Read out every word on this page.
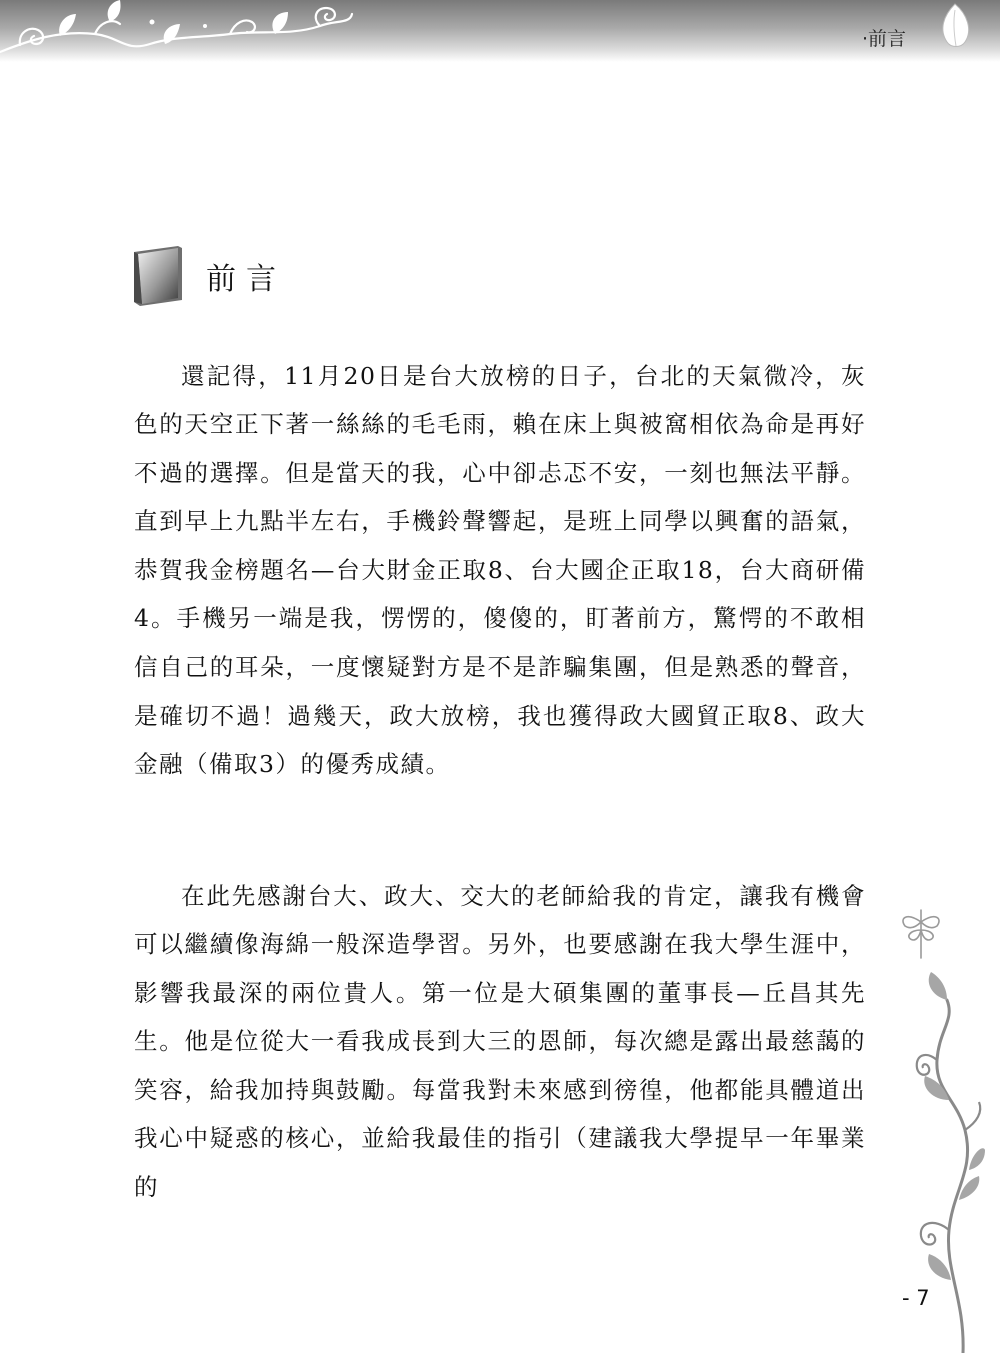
·前言
前言

還記得，11月20日是台大放榜的日子，台北的天氣微冷，灰色的天空正下著一絲絲的毛毛雨，賴在床上與被窩相依為命是再好不過的選擇。但是當天的我，心中卻忐忑不安，一刻也無法平靜。直到早上九點半左右，手機鈴聲響起，是班上同學以興奮的語氣，恭賀我金榜題名—台大財金正取8、台大國企正取18，台大商研備4。手機另一端是我，愣愣的，傻傻的，盯著前方，驚愕的不敢相信自己的耳朵，一度懷疑對方是不是詐騙集團，但是熟悉的聲音，是確切不過！過幾天，政大放榜，我也獲得政大國貿正取8、政大金融（備取3）的優秀成績。

在此先感謝台大、政大、交大的老師給我的肯定，讓我有機會可以繼續像海綿一般深造學習。另外，也要感謝在我大學生涯中，影響我最深的兩位貴人。第一位是大碩集團的董事長—丘昌其先生。他是位從大一看我成長到大三的恩師，每次總是露出最慈藹的笑容，給我加持與鼓勵。每當我對未來感到徬徨，他都能具體道出我心中疑惑的核心，並給我最佳的指引（建議我大學提早一年畢業的

- 7
